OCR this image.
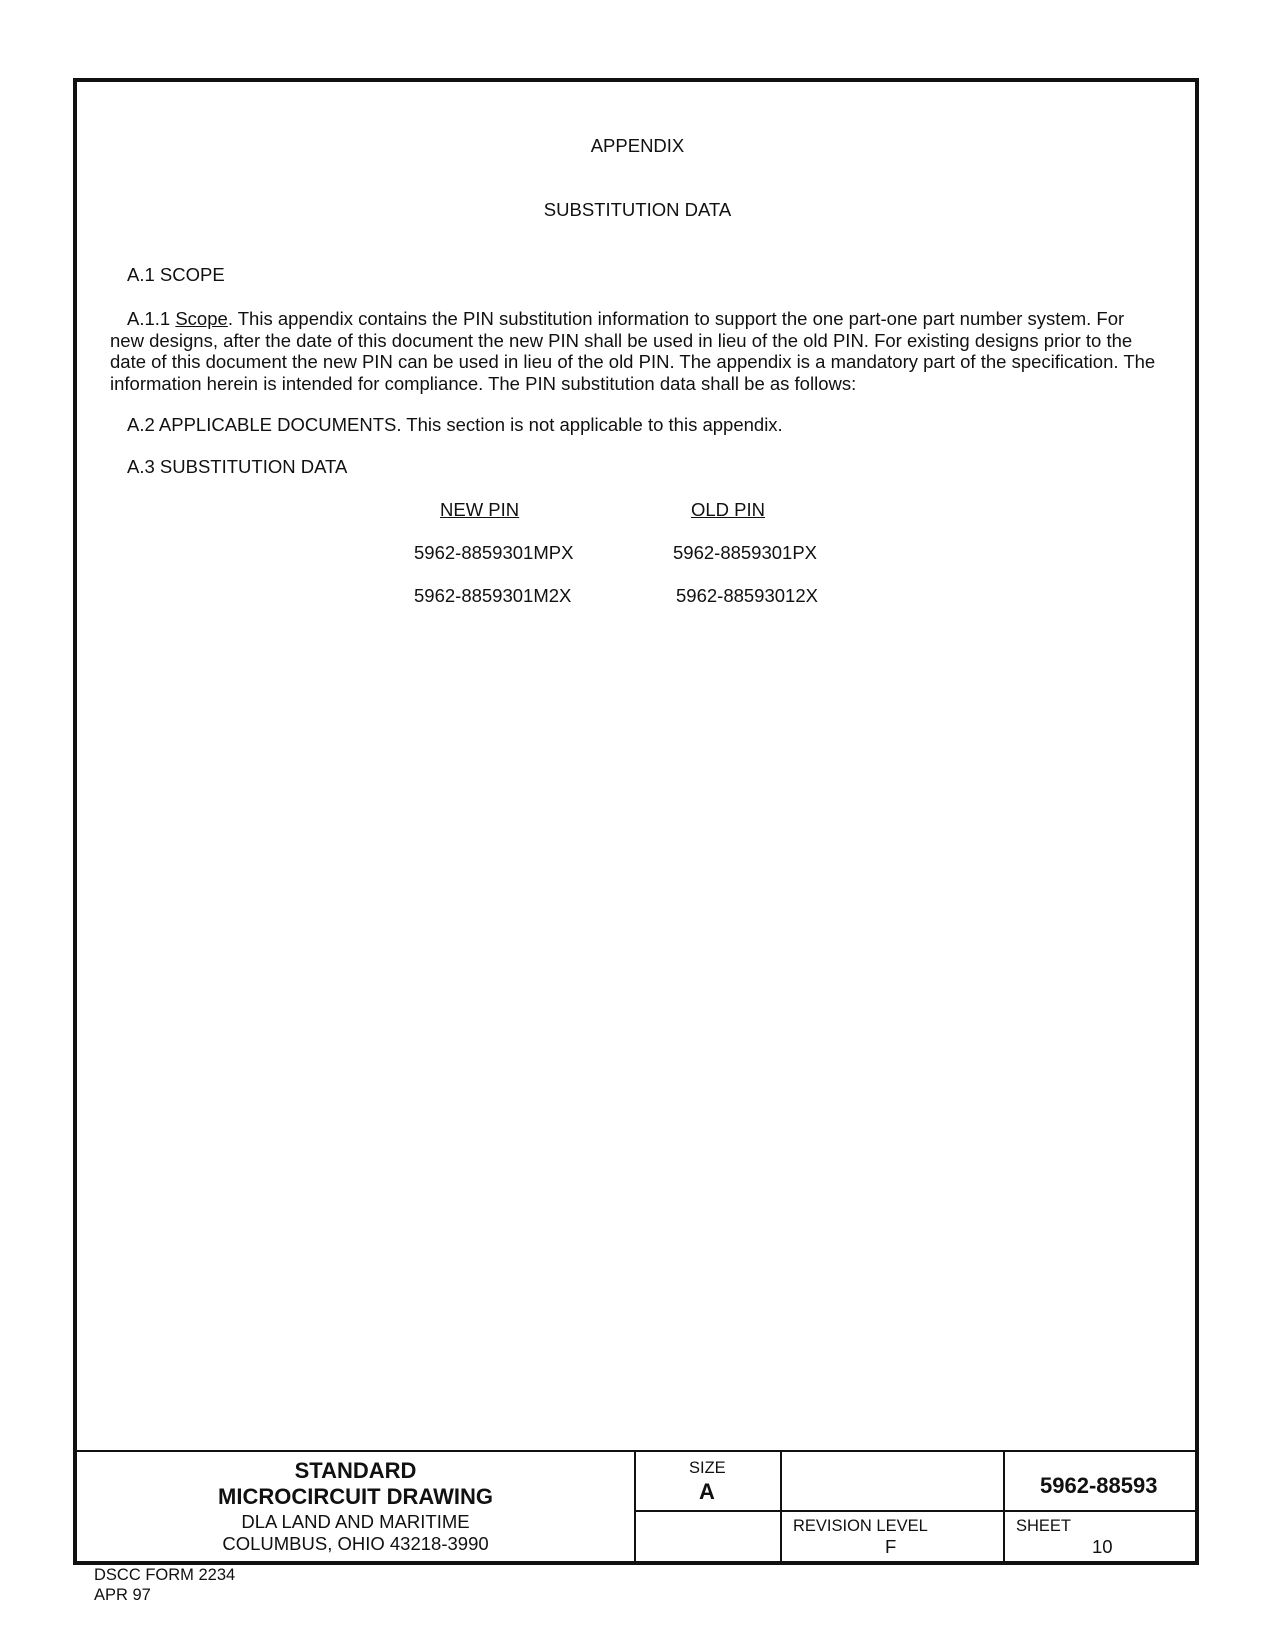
APPENDIX
SUBSTITUTION DATA
A.1 SCOPE
A.1.1 Scope. This appendix contains the PIN substitution information to support the one part-one part number system. For new designs, after the date of this document the new PIN shall be used in lieu of the old PIN. For existing designs prior to the date of this document the new PIN can be used in lieu of the old PIN. The appendix is a mandatory part of the specification. The information herein is intended for compliance. The PIN substitution data shall be as follows:
A.2 APPLICABLE DOCUMENTS. This section is not applicable to this appendix.
A.3 SUBSTITUTION DATA
NEW PIN	OLD PIN
5962-8859301MPX	5962-8859301PX
5962-8859301M2X	5962-88593012X
STANDARD
MICROCIRCUIT DRAWING
DLA LAND AND MARITIME
COLUMBUS, OHIO 43218-3990
SIZE
A	5962-88593
REVISION LEVEL
F
SHEET
10
DSCC FORM 2234
APR 97
